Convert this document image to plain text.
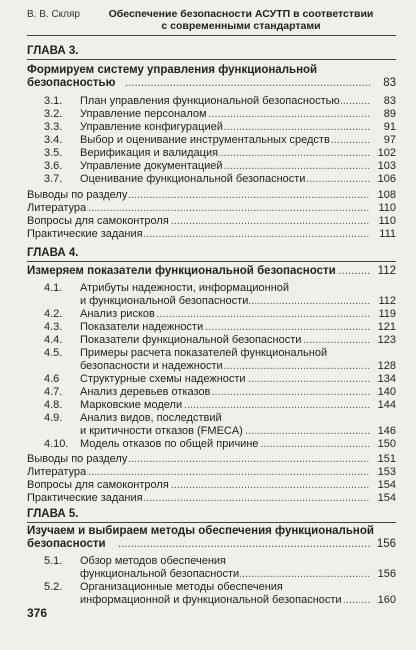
В. В. Скляр	Обеспечение безопасности АСУТП в соответствии
с современными стандартами
ГЛАВА 3.
Формируем систему управления функциональной
.....
безопасностью	83
3.1. ..... План управления функциональной безопасностью	83
3.2. ..... Управление персоналом	89
3.3. ..... Управление конфигурацией	91
3.4. ..... Выбор и оценивание инструментальных средств	97
3.5. ..... Верификация и валидация	102
3.6. ..... Управление документацией	103
3.7. ..... Оценивание функциональной безопасности	106
.....
Выводы по разделу	108
.....
Литература	110
.....
Вопросы для самоконтроля	110
.....
Практические задания	111
ГЛАВА 4.
.....
Измеряем показатели функциональной безопасности	112
4.1. Атрибуты надежности, информационной
.....
и функциональной безопасности	112
4.2. ..... Анализ рисков	119
4.3. ..... Показатели надежности	121
4.4. ..... Показатели функциональной безопасности	123
4.5. Примеры расчета показателей функциональной
.....
безопасности и надежности	128
4.6 ..... Структурные схемы надежности	134
4.7. ..... Анализ деревьев отказов	140
4.8. ..... Марковские модели	144
4.9. Анализ видов, последствий
.....
и критичности отказов (FMECA)	146
4.10. ..... Модель отказов по общей причине	150
.....
Выводы по разделу	151
.....
Литература	153
.....
Вопросы для самоконтроля	154
.....
Практические задания	154
ГЛАВА 5.
Изучаем и выбираем методы обеспечения функциональной
.....
безопасности	156
5.1. Обзор методов обеспечения
.....
функциональной безопасности	156
5.2. Организационные методы обеспечения
.....
информационной и функциональной безопасности	160
376
